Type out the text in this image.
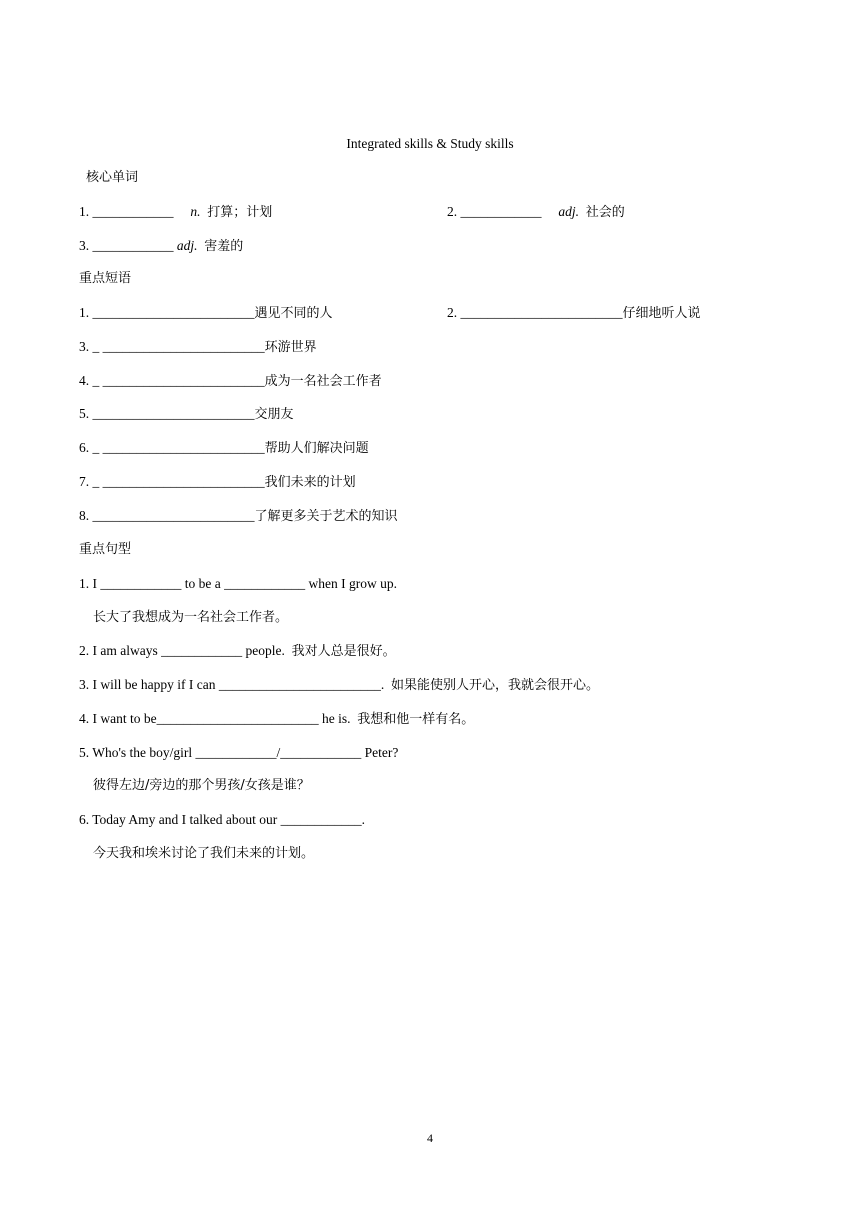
Integrated skills & Study skills
核心单词
1. ____________ n. 打算；计划	2. ____________ adj. 社会的
3. ____________ adj. 害羞的
重点短语
1. ________________________遇见不同的人	2. ________________________仔细地听人说
3. _ ________________________环游世界
4. _ ________________________成为一名社会工作者
5. ________________________交朋友
6. _ ________________________帮助人们解决问题
7. _ ________________________我们未来的计划
8. ________________________了解更多关于艺术的知识
重点句型
1. I ____________ to be a ____________ when I grow up.
长大了我想成为一名社会工作者。
2. I am always ____________ people. 我对人总是很好。
3. I will be happy if I can ________________________. 如果能使别人开心，我就会很开心。
4. I want to be________________________ he is. 我想和他一样有名。
5. Who's the boy/girl ____________/____________ Peter?
彼得左边/旁边的那个男孩/女孩是谁？
6. Today Amy and I talked about our ____________.
今天我和埃米讨论了我们未来的计划。
4
